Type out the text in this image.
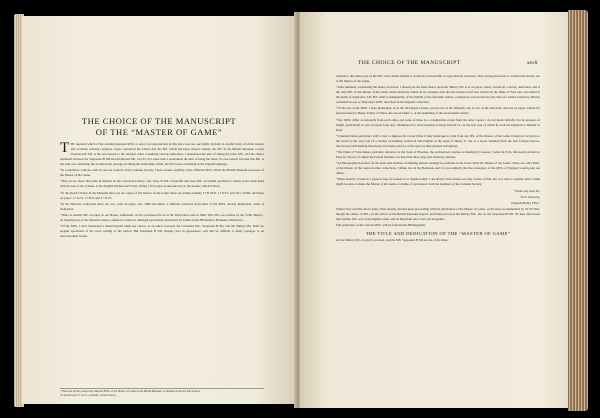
THE CHOICE OF THE MANUSCRIPT
OF THE “MASTER OF GAME”

THE question which of the existing nineteen MSS. to select for reproduction in this place was not one lightly decided. A careful study of all the known and available existing complete copies convinced the editors that the MS. which has been chosen, namely the MS. in the British Museum, Cotton Vespasian B XII, is the one nearest to the original. After consulting various authorities, I abandoned the idea of taking the latter MS., and the choice remained between the Vespasian B XII and Additional MS. 16,165. For some time I entertained the idea of using the latter, for one reason, because this MS. is the only one containing the all-important passage ascribing the authorship of this, the first book on hunting in the English language.

“In compliance with the wish of our late Council of the Camden Society, I have looked carefully at the different MSS. which the British Museum possesses of the Master of the Game.

“They are no fewer than nine in number. In the Cottonian Library, one; Vesp. B XII, a beautiful and clear MS. on vellum, prefixed to which, in the same hand with the rest of the volume, is the English Gildard and Twety, filling a few pages as introductory to the treatise which follows.

“In the Royal Library in the Museum there are six copies of the Master of the Game: three on vellum, namely 17 B XLII, 17 D IV, and 18 C XVIII; and three on paper: 17 A LV, 17 B II, and 17 D VI.

“In the Harleian Collection there are two, both on paper; nos. 5086 and 6824, a different redaction from most of the MSS. already mentioned, some of dedication.

“There is another MS. on paper in our House, Additional 16,165, purchased for us at Sir John Fenn's sale in 1846. This MS. was written by the ‘John Shirley’, an English poet of the fifteenth century, unknown to Ritson, although particularly mentioned by Tanner in his Bibliotheca Britannico-Hibernica.

“Of the MSS. I have mentioned I should myself make my choice, as an editor, between the Cottonian MS., Vespasian B XII, and the Shirley MS. Both are elegant specimens of the good writing of the period. But Vespasian B XII, though clear in appearance, will still be difficult to many passages to an unaccustomed reader.

¹ These are all the present-day thirteen MSS. of the Master of Game in the British Museum, as detailed in the list that follows.
² It should read 17 A LV., probably a clerical error.
THE CHOICE OF THE MANUSCRIPT	xxvii

extends to the earlier part of the MS., but I doubt whether it would be at all needful to copy these in woodcuts. They belong moreover to Gildard and Twety, not to the Master of the Game.

“After minutely considering the matter, however, I should put the final choice upon the Shirley MS. It is on paper clearly written in a strong, dark hand, and is the only MS. of the Master of the Game which distinctly names in its colophon-title that the treatise itself was written by the Duke of York who was killed at the battle of Agincourt. The MS. itself is indisputably of the middle of the fifteenth century, completely corroborated by the title of a ballad written by Shirley contained in one of Thursday's MSS. described in his Dugdale collection.

“Of the rest of the MSS. I have mentioned, as in the Old Royal Library, several are of the fifteenth, one or two of the sixteenth, and one on paper written for and presented to Henry, Prince of Wales, the son of James I., at the beginning of the seventeenth century.

“Two MSS. differ occasionally from each other, and some of these in a considerable extent from the other copies. I do not mean verbally, but in passages of length, particularly in one of square folio size, illuminated for and presented to King Edward IV., in the first year of which he took the kingdom to himself as head.

“I mention these particulars with a view to impress the Council that if they undertake to print from any MS. of the Master of the Game it must not be given to the world as the very text of a treatise on hunting written in Old English in the reign of Henry V., but as a book compiled from the best foreign sources, interwoven with hunting knowledge and home practice of the sport as then pursued in England.

“The Duke of York makes particular reference to the book of Phoebus, the well-known treatise on hunting by Gaston, Comte de Foix, afterwards printed at Paris by Verard, of whose the French literature we have had three large and scholarly editions.

“A bibliographical preface on the sport and treatises on hunting should certainly be prefixed to the book called the Master of the Game. There are other MSS. of the Master of the Game in other collections. I think, two in the Bodleian, and it is not unlikely that the catalogues of the MSS. of England would point out others.

“These should, at least in a general way, be looked at or inquired after. I am afraid I have made too long a letter of this, but it is only to explain what I think might be done to make the Master of the Game a volume of real interest with the members of the Camden Society.

“Yours, my dear Sir,

“Ever sincerely,

(Signed) Henry Ellis.”

When I first read the above letter, I had already decided upon proceeding with the publication of the Master of Game, on the lines recommended by Sir H. Ellis, though the choice of MS., on the advice of the British Museum experts, had fallen not upon the Shirley MS., but on the Vespasian B XII. We then discovered that another MS. was of the highest value, and an important one is left out altogether.

Full particulars of the various MSS. will be found in the Bibliography.

THE TITLE AND DEDICATION OF THE “MASTER OF GAME”

As the Shirley MS, on every occasion, and the MS. Vespasian B XII on one of the three
